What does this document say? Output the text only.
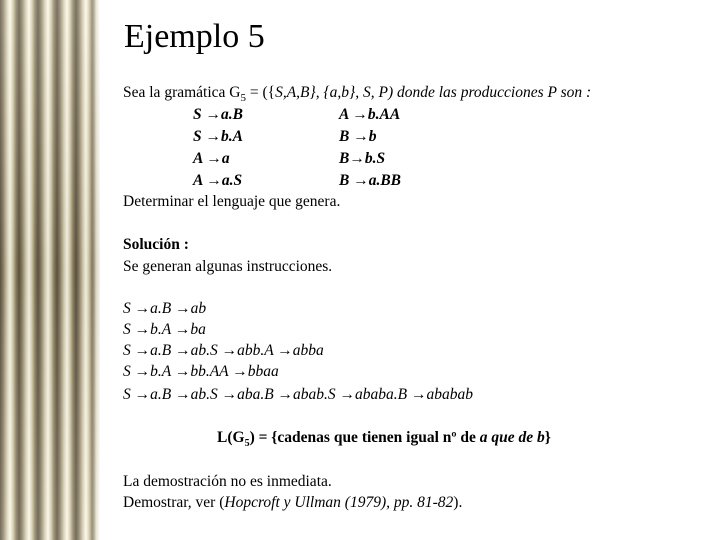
Ejemplo 5
Sea la gramática $G_5 = (\{S,A,B\}$, {a,b}, S, P) donde las producciones P son :
S →a.B	A →b.AA
S →b.A	B →b
A →a	B→b.S
A →a.S	B →a.BB
Determinar el lenguaje que genera.
Solución :
Se generan algunas instrucciones.
S →a.B →ab
S →b.A →ba
S →a.B →ab.S →abb.A →abba
S →b.A →bb.AA →bbaa
S →a.B →ab.S →aba.B →abab.S →ababa.B →ababab
$L(G_5)$ = {cadenas que tienen igual nº de a que de b}
La demostración no es inmediata.
Demostrar, ver (Hopcroft y Ullman (1979), pp. 81-82).
